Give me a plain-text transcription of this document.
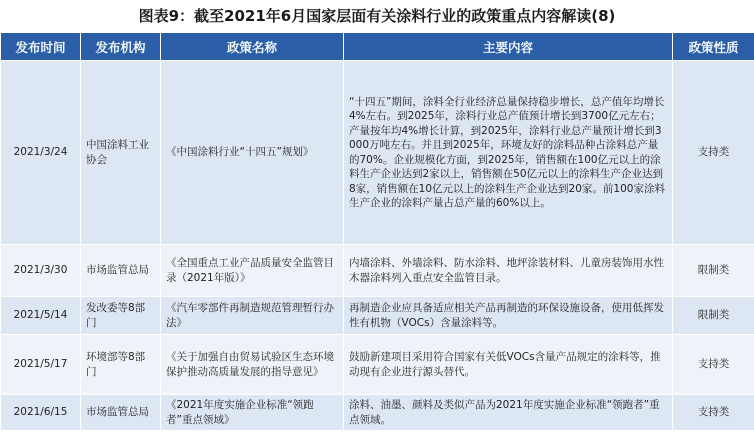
图表9：截至2021年6月国家层面有关涂料行业的政策重点内容解读(8)
发布时间	发布机构	政策名称	主要内容	政策性质
2021/3/24	中国涂料工业协会	《中国涂料行业“十四五”规划》	“十四五”期间，涂料全行业经济总量保持稳步增长，总产值年均增长4%左右。到2025年，涂料行业总产值预计增长到3700亿元左右；产量按年均4%增长计算，到2025年，涂料行业总产量预计增长到3000万吨左右。并且到2025年，环境友好的涂料品种占涂料总产量的70%。企业规模化方面，到2025年，销售额在100亿元以上的涂料生产企业达到2家以上，销售额在50亿元以上的涂料生产企业达到8家，销售额在10亿元以上的涂料生产企业达到20家。前100家涂料生产企业的涂料产量占总产量的60%以上。	支持类
2021/3/30	市场监管总局	《全国重点工业产品质量安全监管目录（2021年版）》	内墙涂料、外墙涂料、防水涂料、地坪涂装材料、儿童房装饰用水性木器涂料列入重点安全监管目录。	限制类
2021/5/14	发改委等8部门	《汽车零部件再制造规范管理暂行办法》	再制造企业应具备适应相关产品再制造的环保设施设备，使用低挥发性有机物（VOCs）含量涂料等。	限制类
2021/5/17	环境部等8部门	《关于加强自由贸易试验区生态环境保护推动高质量发展的指导意见》	鼓励新建项目采用符合国家有关低VOCs含量产品规定的涂料等，推动现有企业进行源头替代。	支持类
2021/6/15	市场监管总局	《2021年度实施企业标准“领跑者”重点领域》	涂料、油墨、颜料及类似产品为2021年度实施企业标准“领跑者”重点领域。	支持类
